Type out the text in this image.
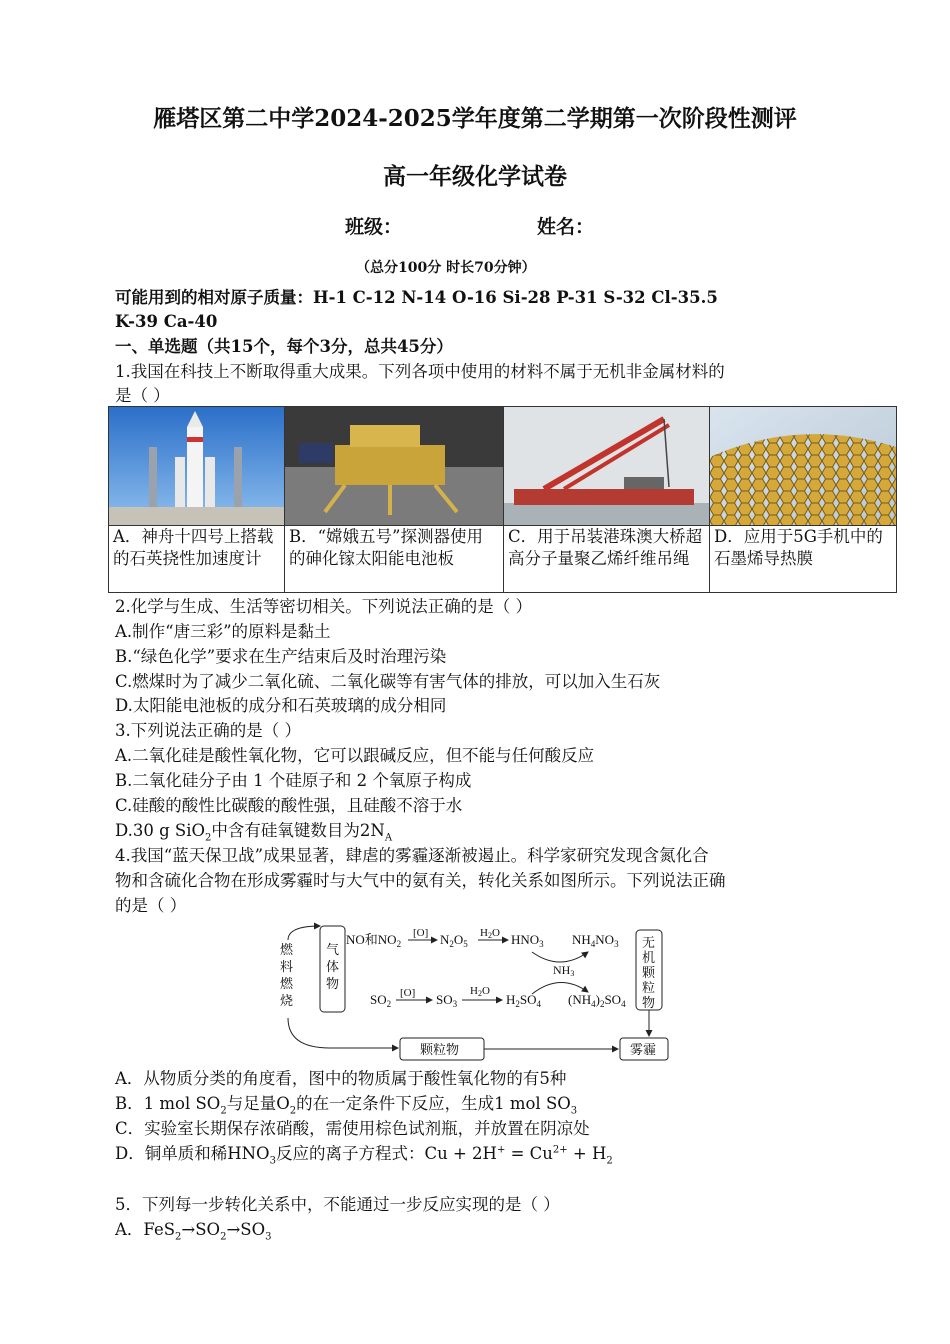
雁塔区第二中学2024-2025学年度第二学期第一次阶段性测评
高一年级化学试卷
班级：	姓名：
（总分100分 时长70分钟）
可能用到的相对原子质量：H-1 C-12 N-14 O-16 Si-28 P-31 S-32 Cl-35.5
K-39 Ca-40
一、单选题（共15个，每个3分，总共45分）
1.我国在科技上不断取得重大成果。下列各项中使用的材料不属于无机非金属材料的
是（ ）

A．神舟十四号上搭载的石英挠性加速度计	B．“嫦娥五号”探测器使用的砷化镓太阳能电池板	C．用于吊装港珠澳大桥超高分子量聚乙烯纤维吊绳	D．应用于5G手机中的石墨烯导热膜
2.化学与生成、生活等密切相关。下列说法正确的是（ ）
A.制作“唐三彩”的原料是黏土
B.“绿色化学”要求在生产结束后及时治理污染
C.燃煤时为了减少二氧化硫、二氧化碳等有害气体的排放，可以加入生石灰
D.太阳能电池板的成分和石英玻璃的成分相同
3.下列说法正确的是（ ）
A.二氧化硅是酸性氧化物，它可以跟碱反应，但不能与任何酸反应
B.二氧化硅分子由 1 个硅原子和 2 个氧原子构成
C.硅酸的酸性比碳酸的酸性强，且硅酸不溶于水
D.30 g SiO$_2$中含有硅氧键数目为$2N_A$
4.我国“蓝天保卫战”成果显著，肆虐的雾霾逐渐被遏止。科学家研究发现含氮化合
物和含硫化合物在形成雾霾时与大气中的氨有关，转化关系如图所示。下列说法正确
的是（ ）
燃
料
燃
烧
气
体
物
NO和$NO_2$
[O] $N_2O_5$
H2O $HNO_3$ $NH_4NO_3$
NH3
$SO_2$
[O] $SO_3$
H2O
$H_2SO_4$ $(NH_4)_2SO_4$
无
机
颗
粒
物
颗粒物	雾霾
A．从物质分类的角度看，图中的物质属于酸性氧化物的有5种
B．1 mol $SO_2$与足量$O_2$的在一定条件下反应，生成1 mol $SO_3$
C．实验室长期保存浓硝酸，需使用棕色试剂瓶，并放置在阴凉处
D．铜单质和稀$HNO_3$反应的离子方程式：$Cu + 2H^+ = Cu^{2+} + H_2$
5．下列每一步转化关系中，不能通过一步反应实现的是（ ）
A．$FeS_2\to SO_2\to SO_3$
